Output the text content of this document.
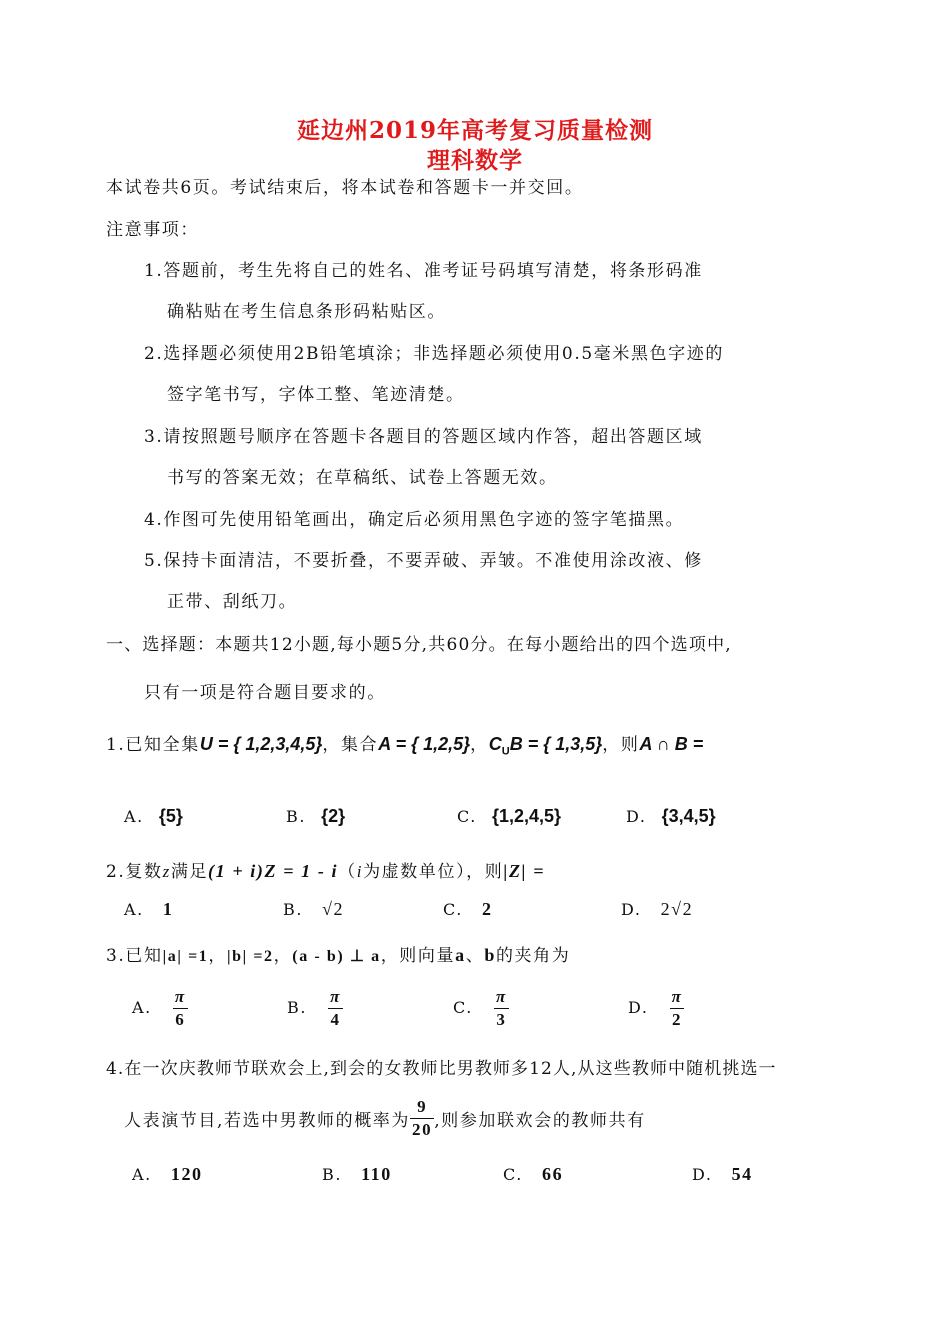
延边州2019年高考复习质量检测
理科数学
本试卷共6页。考试结束后，将本试卷和答题卡一并交回。
注意事项：
1.答题前，考生先将自己的姓名、准考证号码填写清楚，将条形码准
确粘贴在考生信息条形码粘贴区。
2.选择题必须使用2B铅笔填涂；非选择题必须使用0.5毫米黑色字迹的
签字笔书写，字体工整、笔迹清楚。
3.请按照题号顺序在答题卡各题目的答题区域内作答，超出答题区域
书写的答案无效；在草稿纸、试卷上答题无效。
4.作图可先使用铅笔画出，确定后必须用黑色字迹的签字笔描黑。
5.保持卡面清洁，不要折叠，不要弄破、弄皱。不准使用涂改液、修
正带、刮纸刀。
一、选择题：本题共12小题,每小题5分,共60分。在每小题给出的四个选项中,
只有一项是符合题目要求的。
1.已知全集U = { 1,2,3,4,5}，集合A = { 1,2,5}，$C_UB$ = { 1,3,5}，则A ∩ B =
A. {5}	B. {2}	C. {1,2,4,5}	D. {3,4,5}
2.复数z满足(1 + i)Z = 1 - i（i为虚数单位），则|Z| =
A. 1	B. √2	C. 2	D. 2√2
3.已知|a| =1，|b| =2，(a - b) ⊥ a，则向量a、b的夹角为
A. $\frac{\pi}{6}$	B. $\frac{\pi}{4}$	C. $\frac{\pi}{3}$	D. $\frac{\pi}{2}$
4.在一次庆教师节联欢会上,到会的女教师比男教师多12人,从这些教师中随机挑选一
人表演节目,若选中男教师的概率为 $\frac{9}{20}$ ,则参加联欢会的教师共有
A. 120	B. 110	C. 66	D. 54
